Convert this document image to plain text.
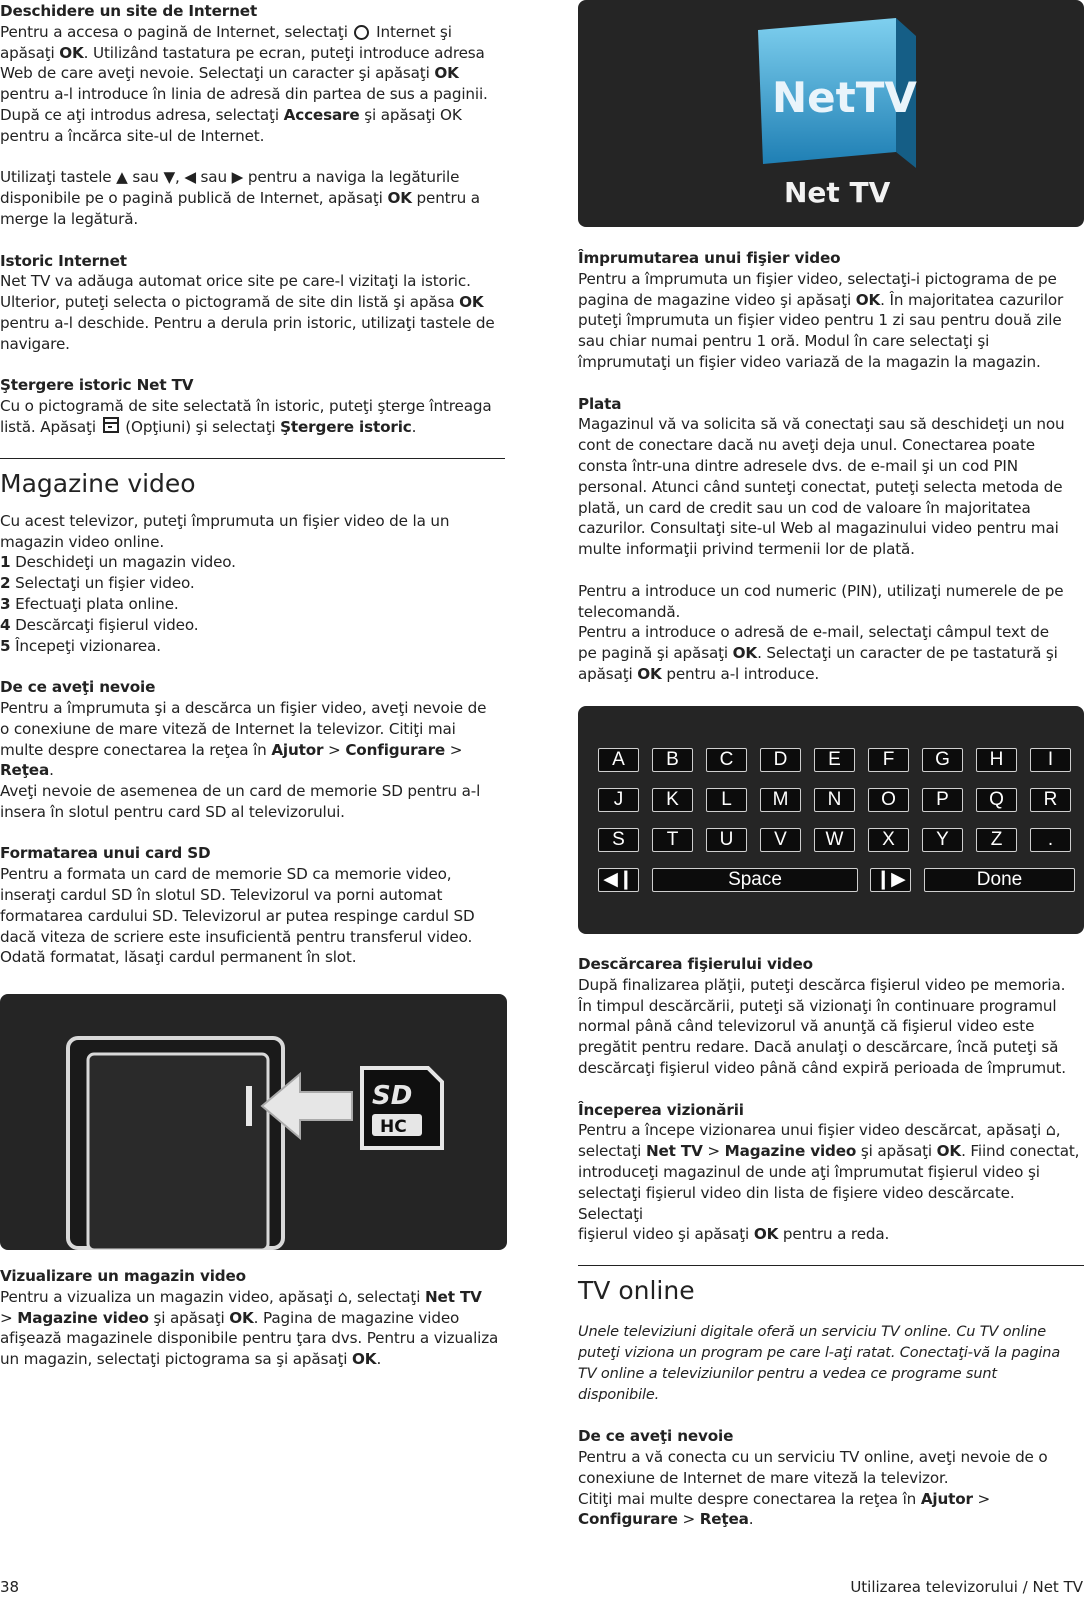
Deschidere un site de Internet

Pentru a accesa o pagină de Internet, selectaţi  Internet şi

apăsaţi OK. Utilizând tastatura pe ecran, puteţi introduce adresa

Web de care aveţi nevoie. Selectaţi un caracter şi apăsaţi OK

pentru a-l introduce în linia de adresă din partea de sus a paginii.

După ce aţi introdus adresa, selectaţi Accesare şi apăsaţi OK

pentru a încărca site-ul de Internet.

Utilizaţi tastele ▲ sau ▼, ◀ sau ▶ pentru a naviga la legăturile

disponibile pe o pagină publică de Internet, apăsaţi OK pentru a

merge la legătură.

Istoric Internet

Net TV va adăuga automat orice site pe care-l vizitaţi la istoric.

Ulterior, puteţi selecta o pictogramă de site din listă şi apăsa OK

pentru a-l deschide. Pentru a derula prin istoric, utilizaţi tastele de

navigare.

Ştergere istoric Net TV

Cu o pictogramă de site selectată în istoric, puteţi şterge întreaga

listă. Apăsaţi
(Opţiuni) şi selectaţi Ştergere istoric.

Magazine video

Cu acest televizor, puteţi împrumuta un fişier video de la un

magazin video online.

1 Deschideţi un magazin video.

2 Selectaţi un fişier video.

3 Efectuaţi plata online.

4 Descărcaţi fişierul video.

5 Începeţi vizionarea.

De ce aveţi nevoie

Pentru a împrumuta şi a descărca un fişier video, aveţi nevoie de

o conexiune de mare viteză de Internet la televizor. Citiţi mai

multe despre conectarea la reţea în Ajutor > Configurare >

Reţea.

Aveţi nevoie de asemenea de un card de memorie SD pentru a-l

insera în slotul pentru card SD al televizorului.

Formatarea unui card SD

Pentru a formata un card de memorie SD ca memorie video,

inseraţi cardul SD în slotul SD. Televizorul va porni automat

formatarea cardului SD. Televizorul ar putea respinge cardul SD

dacă viteza de scriere este insuficientă pentru transferul video.

Odată formatat, lăsaţi cardul permanent în slot.

SD
HC

Vizualizare un magazin video

Pentru a vizualiza un magazin video, apăsaţi ⌂, selectaţi Net TV

> Magazine video şi apăsaţi OK. Pagina de magazine video

afişează magazinele disponibile pentru ţara dvs. Pentru a vizualiza

un magazin, selectaţi pictograma sa şi apăsaţi OK.

NetTV
Net TV

Împrumutarea unui fişier video

Pentru a împrumuta un fişier video, selectaţi-i pictograma de pe

pagina de magazine video şi apăsaţi OK. În majoritatea cazurilor

puteţi împrumuta un fişier video pentru 1 zi sau pentru două zile

sau chiar numai pentru 1 oră. Modul în care selectaţi şi

împrumutaţi un fişier video variază de la magazin la magazin.

Plata

Magazinul vă va solicita să vă conectaţi sau să deschideţi un nou

cont de conectare dacă nu aveţi deja unul. Conectarea poate

consta într-una dintre adresele dvs. de e-mail şi un cod PIN

personal. Atunci când sunteţi conectat, puteţi selecta metoda de

plată, un card de credit sau un cod de valoare în majoritatea

cazurilor. Consultaţi site-ul Web al magazinului video pentru mai

multe informaţii privind termenii lor de plată.

Pentru a introduce un cod numeric (PIN), utilizaţi numerele de pe

telecomandă.

Pentru a introduce o adresă de e-mail, selectaţi câmpul text de

pe pagină şi apăsaţi OK. Selectaţi un caracter de pe tastatură şi

apăsaţi OK pentru a-l introduce.

◀❙	Space	❙▶	Done
A	B	C	D	E	F	G	H	I
J	K	L	M	N	O	P	Q	R
S	T	U	V	W	X	Y	Z	.

Descărcarea fişierului video

După finalizarea plăţii, puteţi descărca fişierul video pe memoria.

În timpul descărcării, puteţi să vizionaţi în continuare programul

normal până când televizorul vă anunţă că fişierul video este

pregătit pentru redare. Dacă anulaţi o descărcare, încă puteţi să

descărcaţi fişierul video până când expiră perioada de împrumut.

Începerea vizionării

Pentru a începe vizionarea unui fişier video descărcat, apăsaţi ⌂,

selectaţi Net TV > Magazine video şi apăsaţi OK. Fiind conectat,

introduceţi magazinul de unde aţi împrumutat fişierul video şi

selectaţi fişierul video din lista de fişiere video descărcate. Selectaţi

fişierul video şi apăsaţi OK pentru a reda.

TV online

Unele televiziuni digitale oferă un serviciu TV online. Cu TV online

puteţi viziona un program pe care l-aţi ratat. Conectaţi-vă la pagina

TV online a televiziunilor pentru a vedea ce programe sunt

disponibile.

De ce aveţi nevoie

Pentru a vă conecta cu un serviciu TV online, aveţi nevoie de o

conexiune de Internet de mare viteză la televizor.

Citiţi mai multe despre conectarea la reţea în Ajutor >

Configurare > Reţea.

38	Utilizarea televizorului / Net TV
